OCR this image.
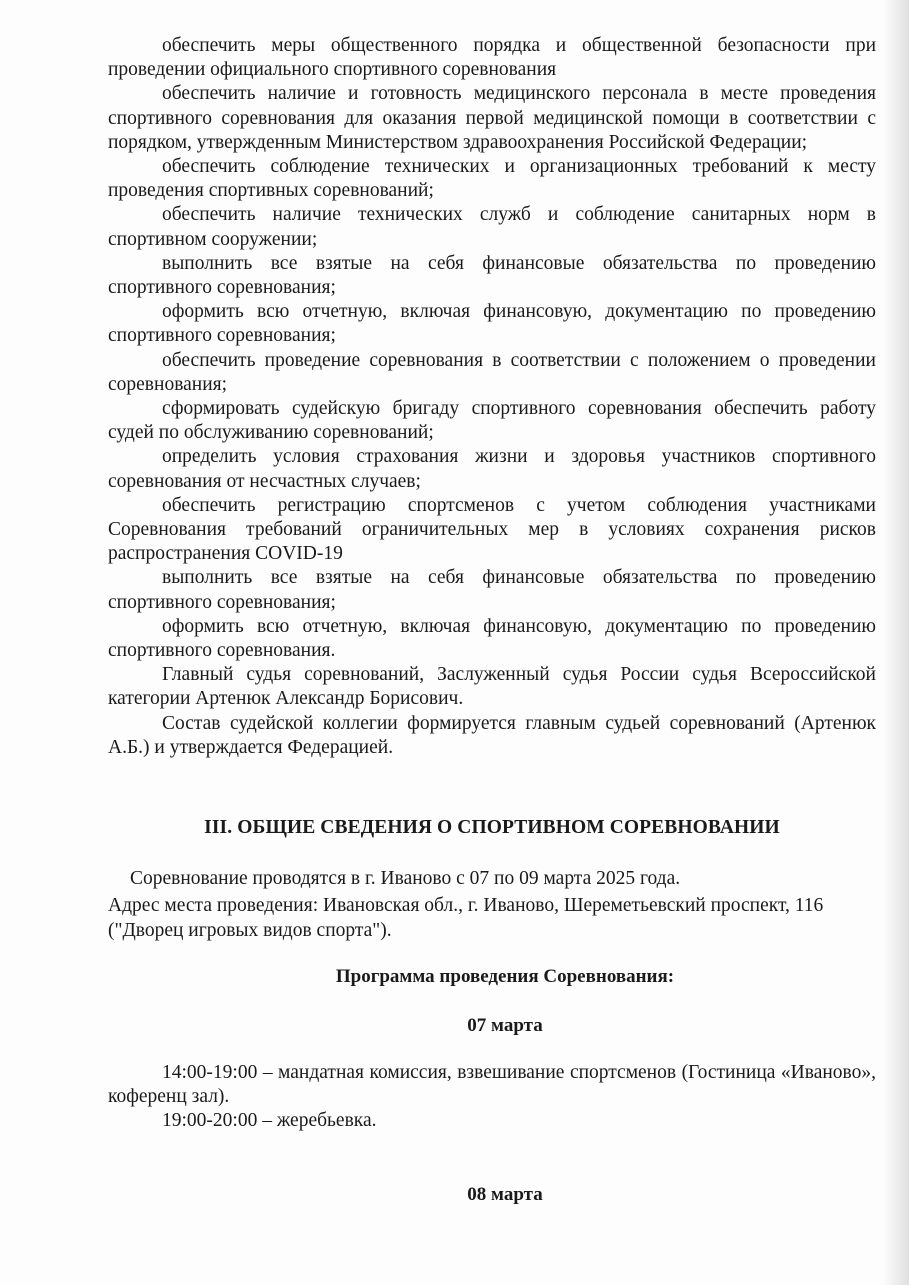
обеспечить меры общественного порядка и общественной безопасности при проведении официального спортивного соревнования

обеспечить наличие и готовность медицинского персонала в месте проведения спортивного соревнования для оказания первой медицинской помощи в соответствии с порядком, утвержденным Министерством здравоохранения Российской Федерации;

обеспечить соблюдение технических и организационных требований к месту проведения спортивных соревнований;

обеспечить наличие технических служб и соблюдение санитарных норм в спортивном сооружении;

выполнить все взятые на себя финансовые обязательства по проведению спортивного соревнования;

оформить всю отчетную, включая финансовую, документацию по проведению спортивного соревнования;

обеспечить проведение соревнования в соответствии с положением о проведении соревнования;

сформировать судейскую бригаду спортивного соревнования обеспечить работу судей по обслуживанию соревнований;

определить условия страхования жизни и здоровья участников спортивного соревнования от несчастных случаев;

обеспечить регистрацию спортсменов с учетом соблюдения участниками Соревнования требований ограничительных мер в условиях сохранения рисков распространения COVID-19

выполнить все взятые на себя финансовые обязательства по проведению спортивного соревнования;

оформить всю отчетную, включая финансовую, документацию по проведению спортивного соревнования.

Главный судья соревнований, Заслуженный судья России судья Всероссийской категории Артенюк Александр Борисович.

Состав судейской коллегии формируется главным судьей соревнований (Артенюк А.Б.) и утверждается Федерацией.

III. ОБЩИЕ СВЕДЕНИЯ О СПОРТИВНОМ СОРЕВНОВАНИИ

Соревнование проводятся в г. Иваново с 07 по 09 марта 2025 года.

Адрес места проведения: Ивановская обл., г. Иваново, Шереметьевский проспект, 116

("Дворец игровых видов спорта").

Программа проведения Соревнования:
07 марта

14:00-19:00 – мандатная комиссия, взвешивание спортсменов (Гостиница «Иваново», коференц зал).

19:00-20:00 – жеребьевка.

08 марта
